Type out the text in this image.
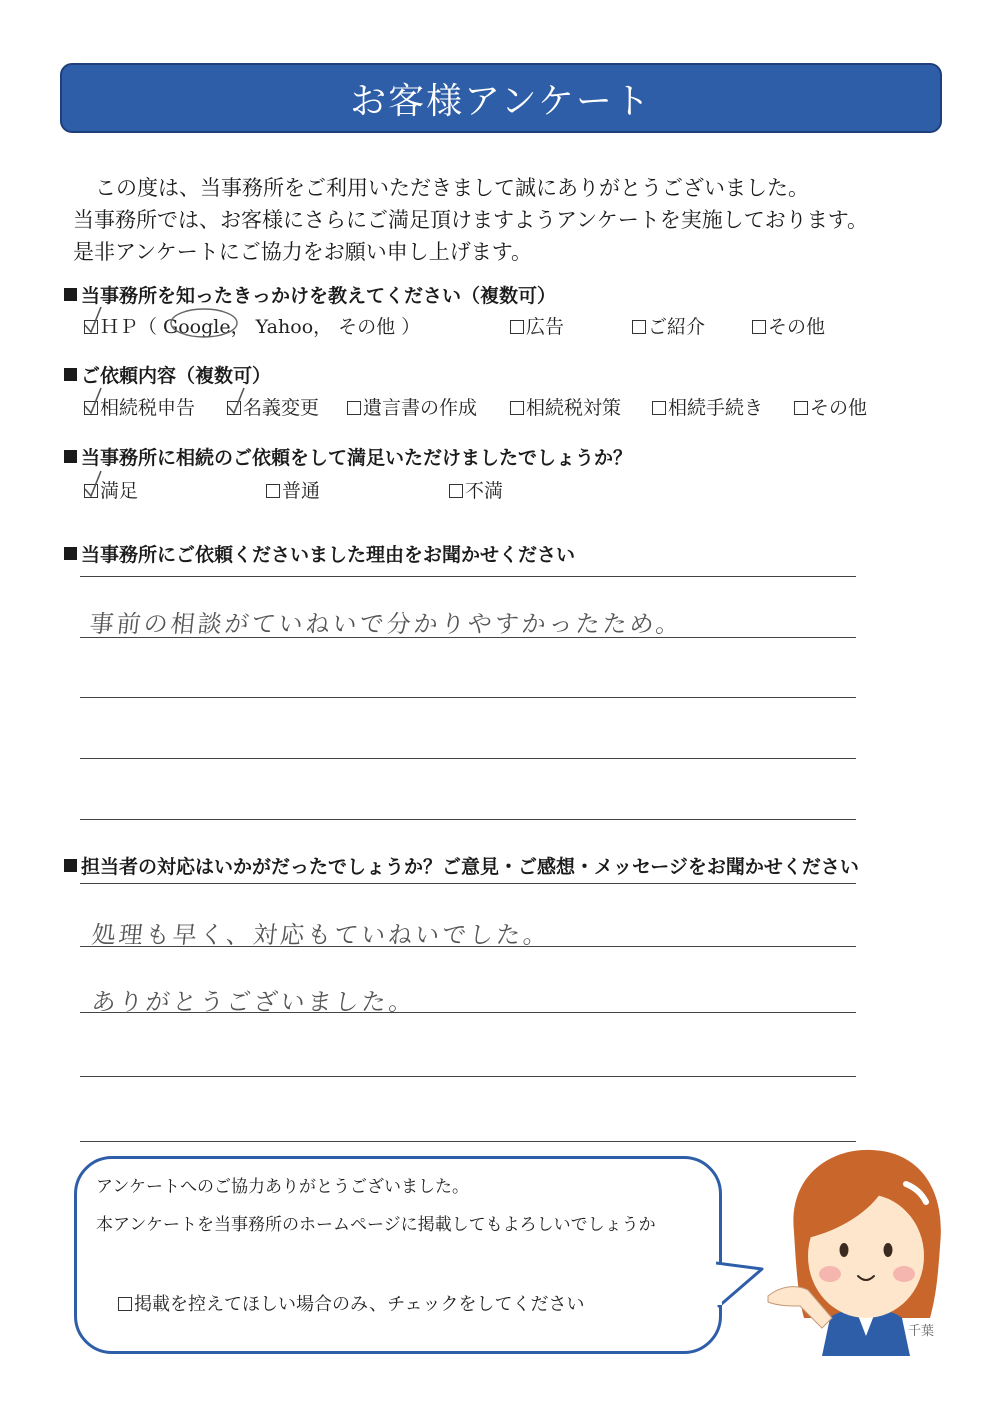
お客様アンケート
この度は、当事務所をご利用いただきまして誠にありがとうございました。
当事務所では、お客様にさらにご満足頂けますようアンケートを実施しております。
是非アンケートにご協力をお願い申し上げます。
当事務所を知ったきっかけを教えてください（複数可）
ＨＰ（ Google， Yahoo， その他 ）	広告	ご紹介	その他
ご依頼内容（複数可）
相続税申告	名義変更	遺言書の作成	相続税対策	相続手続き	その他
当事務所に相続のご依頼をして満足いただけましたでしょうか？
満足	普通	不満
当事務所にご依頼くださいました理由をお聞かせください
事前の相談がていねいで分かりやすかったため。
担当者の対応はいかがだったでしょうか？ご意見・ご感想・メッセージをお聞かせください
処理も早く、対応もていねいでした。
ありがとうございました。
アンケートへのご協力ありがとうございました。
本アンケートを当事務所のホームページに掲載してもよろしいでしょうか
掲載を控えてほしい場合のみ、チェックをしてください
千葉
